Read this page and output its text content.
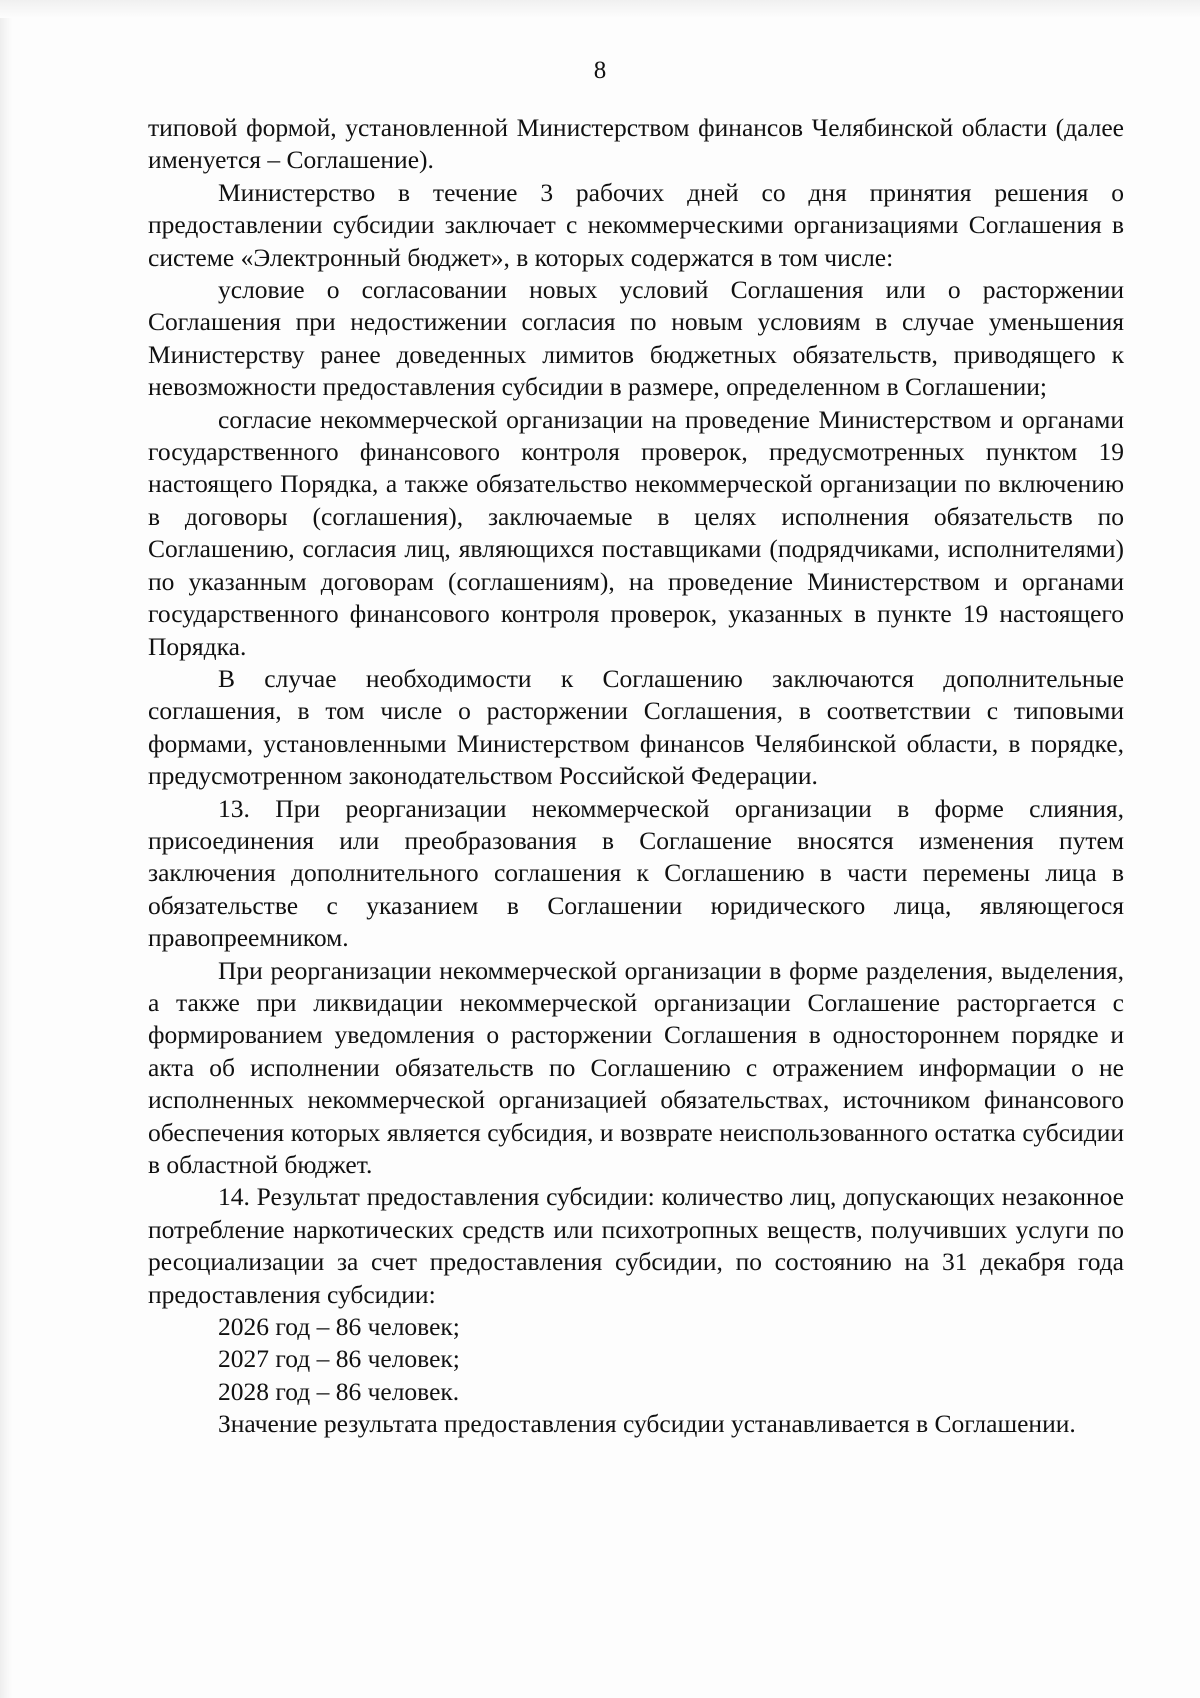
8

типовой формой, установленной Министерством финансов Челябинской области (далее именуется – Соглашение).

Министерство в течение 3 рабочих дней со дня принятия решения о предоставлении субсидии заключает с некоммерческими организациями Соглашения в системе «Электронный бюджет», в которых содержатся в том числе:

условие о согласовании новых условий Соглашения или о расторжении Соглашения при недостижении согласия по новым условиям в случае уменьшения Министерству ранее доведенных лимитов бюджетных обязательств, приводящего к невозможности предоставления субсидии в размере, определенном в Соглашении;

согласие некоммерческой организации на проведение Министерством и органами государственного финансового контроля проверок, предусмотренных пунктом 19 настоящего Порядка, а также обязательство некоммерческой организации по включению в договоры (соглашения), заключаемые в целях исполнения обязательств по Соглашению, согласия лиц, являющихся поставщиками (подрядчиками, исполнителями) по указанным договорам (соглашениям), на проведение Министерством и органами государственного финансового контроля проверок, указанных в пункте 19 настоящего Порядка.

В случае необходимости к Соглашению заключаются дополнительные соглашения, в том числе о расторжении Соглашения, в соответствии с типовыми формами, установленными Министерством финансов Челябинской области, в порядке, предусмотренном законодательством Российской Федерации.

13. При реорганизации некоммерческой организации в форме слияния, присоединения или преобразования в Соглашение вносятся изменения путем заключения дополнительного соглашения к Соглашению в части перемены лица в обязательстве с указанием в Соглашении юридического лица, являющегося правопреемником.

При реорганизации некоммерческой организации в форме разделения, выделения, а также при ликвидации некоммерческой организации Соглашение расторгается с формированием уведомления о расторжении Соглашения в одностороннем порядке и акта об исполнении обязательств по Соглашению с отражением информации о не исполненных некоммерческой организацией обязательствах, источником финансового обеспечения которых является субсидия, и возврате неиспользованного остатка субсидии в областной бюджет.

14. Результат предоставления субсидии: количество лиц, допускающих незаконное потребление наркотических средств или психотропных веществ, получивших услуги по ресоциализации за счет предоставления субсидии, по состоянию на 31 декабря года предоставления субсидии:

2026 год – 86 человек;

2027 год – 86 человек;

2028 год – 86 человек.

Значение результата предоставления субсидии устанавливается в Соглашении.
